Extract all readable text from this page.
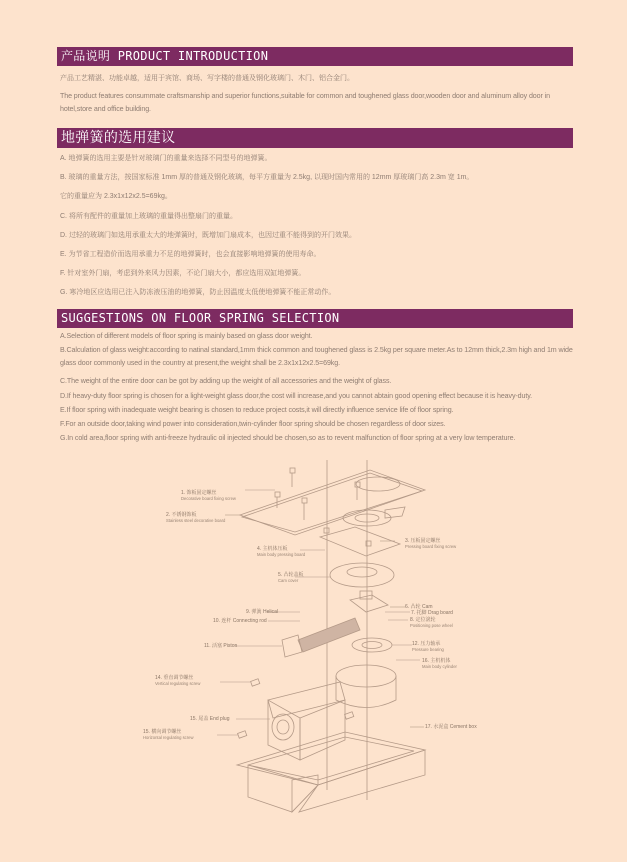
产品说明 PRODUCT INTRODUCTION
产品工艺精湛、功能卓越，适用于宾馆、商场、写字楼的普通及钢化玻璃门、木门、铝合金门。
The product features consummate craftsmanship and superior functions,suitable for common and toughened glass door,wooden door and aluminum alloy door in hotel,store and office building.
地弹簧的选用建议
A. 地弹簧的选用主要是针对玻璃门的重量来选择不同型号的地弹簧。
B. 玻璃的重量方法，按国家标准 1mm 厚的普通及钢化玻璃，每平方重量为 2.5kg, 以现时国内常用的 12mm 厚玻璃门高 2.3m 宽 1m。
它的重量应为 2.3x1x12x2.5=69kg。
C. 将所有配件的重量加上玻璃的重量得出整扇门的重量。
D. 过轻的玻璃门如选用承重太大的地弹簧时，既增加门扇成本，也因过重不能得到的开门效果。
E. 为节省工程造价而选用承重力不足的地弹簧时，也会直接影响地弹簧的使用寿命。
F. 针对室外门扇，考虑到外来风力因素，不论门扇大小，都应选用双缸地弹簧。
G. 寒冷地区应选用已注入防冻液压油的地弹簧，防止因温度太低使地弹簧不能正常动作。
SUGGESTIONS ON FLOOR SPRING SELECTION
A.Selection of different models of floor spring is mainly based on glass door weight.
B.Calculation of glass weight:according to natinal standard,1mm thick common and toughened glass is 2.5kg per square meter.As to 12mm thick,2.3m high and 1m wide glass door commonly used in the country at present,the weight shall be 2.3x1x12x2.5=69kg.
C.The weight of the entire door can be got by adding up the weight of all accessories and the weight of glass.
D.If heavy-duty floor spring is chosen for a light-weight glass door,the cost will increase,and you cannot abtain good opening effect because it is heavy-duty.
E.If floor spring with inadequate weight bearing is chosen to reduce project costs,it will directly influence service life of floor spring.
F.For an outside door,taking wind power into consideration,twin-cylinder floor spring should be chosen regardless of door sizes.
G.In cold area,floor spring with anti-freeze hydraulic oil injected should be chosen,so as to revent malfunction of floor spring at a very low temperature.
1. 饰板固定螺丝
Decorative board fixing screw
2. 不锈钢饰板
Stainless steel decorative board
3. 压板固定螺丝
Pressing board fixing screw
4. 主机体压板
Main body pressing board
5. 凸轮盖板
Cam cover
6. 凸轮 Cam
7. 托脚 Drag board
8. 定位滚轮
Positioning pose wheel
9. 弹簧 Helical
10. 连杆 Connecting rod
11. 活塞 Piston	12. 压力轴承
Pressure bearing
14. 垂直调节螺丝
Vertical regulating screw
15. 尾盖 End plug
15. 横向调节螺丝
Horizontal regulating screw
16. 主机机体
Main body cylinder
17. 水泥盒 Cement box
